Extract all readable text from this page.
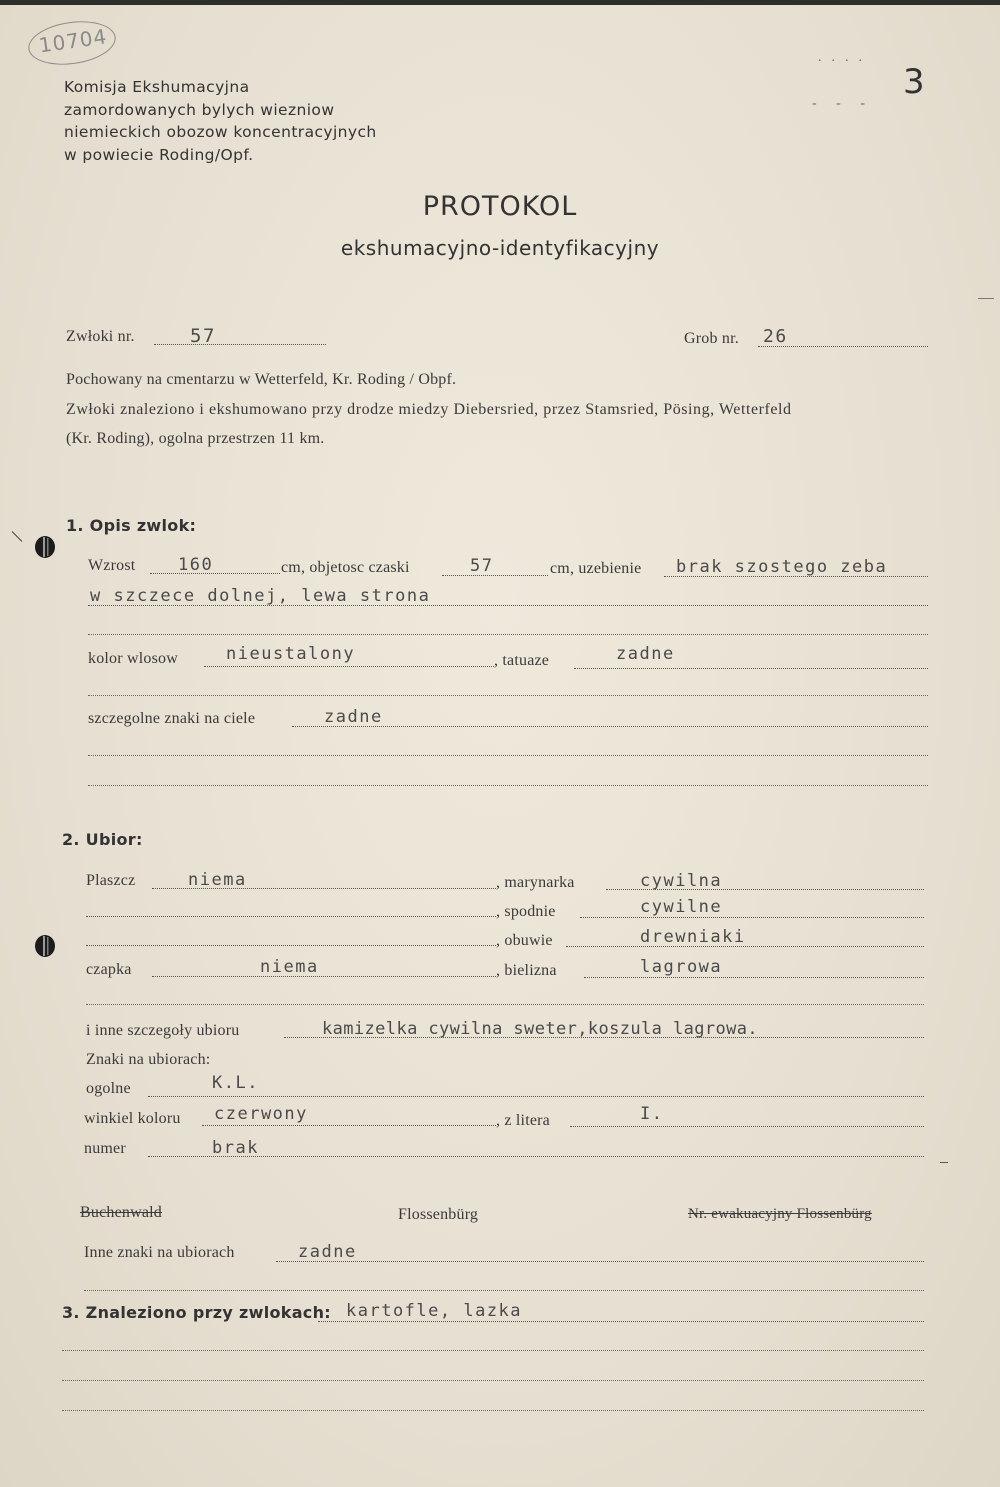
10704
3
....
- - -
Komisja Ekshumacyjna
zamordowanych bylych wiezniow
niemieckich obozow koncentracyjnych
w powiecie Roding/Opf.
PROTOKOL
ekshumacyjno-identyfikacyjny
Zwłoki nr.	57	Grob nr. 26
Pochowany na cmentarzu w Wetterfeld, Kr. Roding / Obpf.
Zwłoki znaleziono i ekshumowano przy drodze miedzy Diebersried, przez Stamsried, Pösing, Wetterfeld
(Kr. Roding), ogolna przestrzen 11 km.
1. Opis zwlok:
Wzrost	160	cm, objetosc czaski	57	cm, uzebienie brak szostego zeba
w szczece dolnej, lewa strona
kolor wlosow	nieustalony	, tatuaze	zadne
szczegolne znaki na ciele	zadne
2. Ubior:
Plaszcz	niema	, marynarka	cywilna
, spodnie	cywilne
, obuwie	drewniaki
czapka	niema	, bielizna	lagrowa
i inne szczegoły ubioru	kamizelka cywilna sweter,koszula lagrowa.
Znaki na ubiorach:
ogolne	K.L.
winkiel koloru czerwony	, z litera	I.
numer	brak
Buchenwald	Flossenbürg	Nr. ewakuacyjny Flossenbürg
Inne znaki na ubiorach	zadne
3. Znaleziono przy zwlokach: kartofle, lazka
